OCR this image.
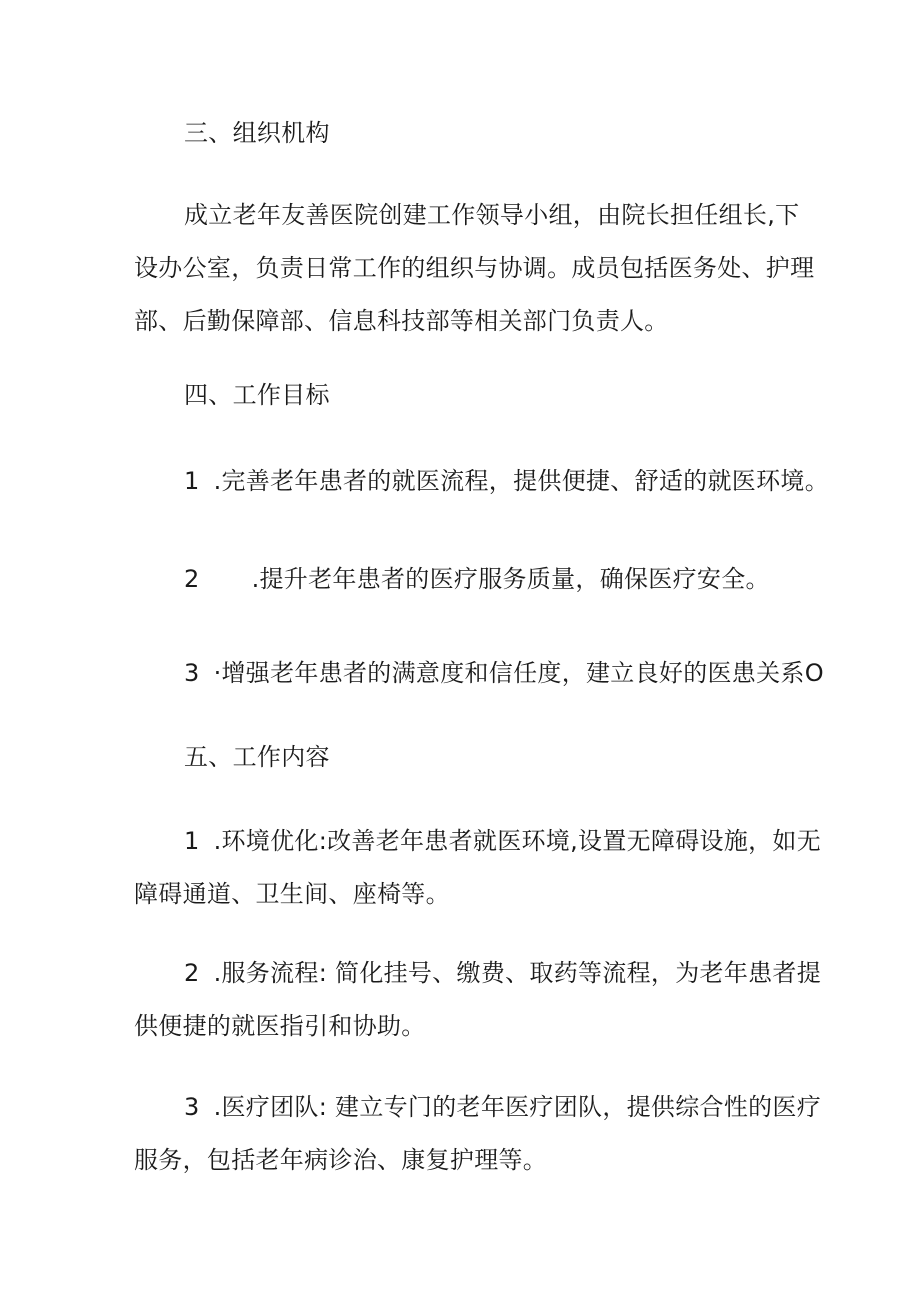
三、组织机构
成立老年友善医院创建工作领导小组，由院长担任组长,下
设办公室，负责日常工作的组织与协调。成员包括医务处、护理
部、后勤保障部、信息科技部等相关部门负责人。
四、工作目标
1 .完善老年患者的就医流程，提供便捷、舒适的就医环境。
2 .提升老年患者的医疗服务质量，确保医疗安全。
3 ·增强老年患者的满意度和信任度，建立良好的医患关系O
五、工作内容
1 .环境优化:改善老年患者就医环境,设置无障碍设施，如无
障碍通道、卫生间、座椅等。
2 .服务流程: 简化挂号、缴费、取药等流程，为老年患者提
供便捷的就医指引和协助。
3 .医疗团队: 建立专门的老年医疗团队，提供综合性的医疗
服务，包括老年病诊治、康复护理等。
